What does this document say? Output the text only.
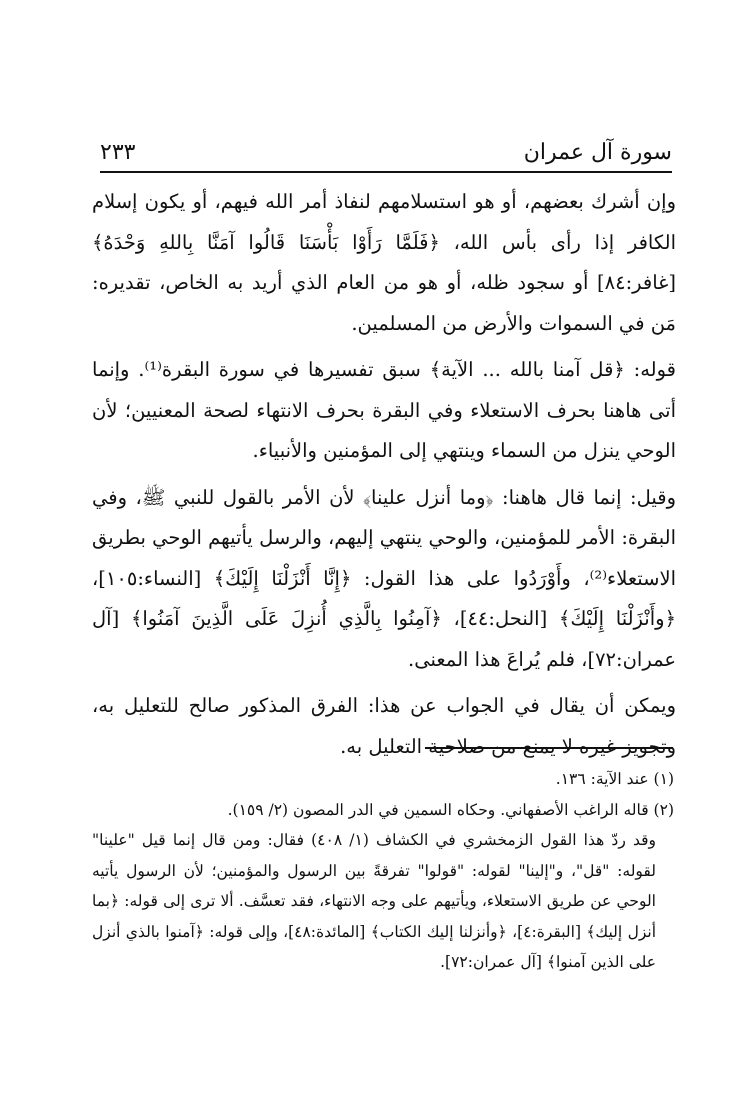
سورة آل عمران
٢٣٣

وإن أشرك بعضهم، أو هو استسلامهم لنفاذ أمر الله فيهم، أو يكون إسلام الكافر إذا رأى بأس الله، ﴿فَلَمَّا رَأَوْا بَأْسَنَا قَالُوا آمَنَّا بِاللهِ وَحْدَهُ﴾ [غافر:٨٤] أو سجود ظله، أو هو من العام الذي أريد به الخاص، تقديره: مَن في السموات والأرض من المسلمين.

قوله: ﴿قل آمنا بالله ... الآية﴾ سبق تفسيرها في سورة البقرة⁽¹⁾. وإنما أتى هاهنا بحرف الاستعلاء وفي البقرة بحرف الانتهاء لصحة المعنيين؛ لأن الوحي ينزل من السماء وينتهي إلى المؤمنين والأنبياء.

وقيل: إنما قال هاهنا: ﴿وما أنزل علينا﴾ لأن الأمر بالقول للنبي ﷺ، وفي البقرة: الأمر للمؤمنين، والوحي ينتهي إليهم، والرسل يأتيهم الوحي بطريق الاستعلاء⁽²⁾، وأَوْرَدُوا على هذا القول: ﴿إِنَّا أَنْزَلْنَا إِلَيْكَ﴾ [النساء:١٠٥]، ﴿وأَنْزَلْنَا إِلَيْكَ﴾ [النحل:٤٤]، ﴿آمِنُوا بِالَّذِي أُنزِلَ عَلَى الَّذِينَ آمَنُوا﴾ [آل عمران:٧٢]، فلم يُراعَ هذا المعنى.

ويمكن أن يقال في الجواب عن هذا: الفرق المذكور صالح للتعليل به، وتجويز غيره لا يمنع من صلاحية التعليل به.

(١) عند الآية: ١٣٦.

(٢) قاله الراغب الأصفهاني. وحكاه السمين في الدر المصون (٢/ ١٥٩).

وقد ردّ هذا القول الزمخشري في الكشاف (١/ ٤٠٨) فقال: ومن قال إنما قيل "علينا" لقوله: "قل"، و"إلينا" لقوله: "قولوا" تفرقةً بين الرسول والمؤمنين؛ لأن الرسول يأتيه الوحي عن طريق الاستعلاء، ويأتيهم على وجه الانتهاء، فقد تعسَّف. ألا ترى إلى قوله: ﴿بما أنزل إليك﴾ [البقرة:٤]، ﴿وأنزلنا إليك الكتاب﴾ [المائدة:٤٨]، وإلى قوله: ﴿آمنوا بالذي أنزل على الذين آمنوا﴾ [آل عمران:٧٢].
